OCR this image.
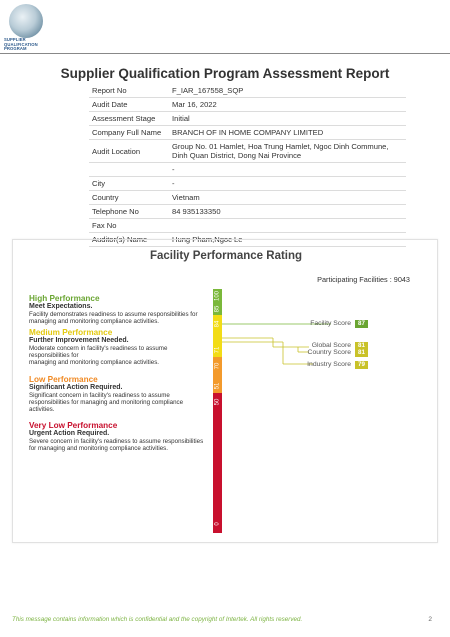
SUPPLIER
QUALIFICATION
PROGRAM
Supplier Qualification Program Assessment Report
Report No	F_IAR_167558_SQP
Audit Date	Mar 16, 2022
Assessment Stage	Initial
Company Full Name	BRANCH OF IN HOME COMPANY LIMITED
Audit Location	Group No. 01 Hamlet, Hoa Trung Hamlet, Ngoc Dinh Commune, Dinh Quan District, Dong Nai Province
	-
City	-
Country	Vietnam
Telephone No	84 935133350
Fax No	
Auditor(s) Name	Hung Pham,Ngoc Le
Facility Performance Rating
Participating Facilities : 9043
High Performance
Meet Expectations.
Facility demonstrates readiness to assume responsibilities for managing and monitoring compliance activities.
Medium Performance
Further Improvement Needed.
Moderate concern in facility's readiness to assume responsibilities for
managing and monitoring compliance activities.
Low Performance
Significant Action Required.
Significant concern in facility's readiness to assume responsibilities for managing and monitoring compliance activities.
Very Low Performance
Urgent Action Required.
Severe concern in facility's readiness to assume responsibilities for managing and monitoring compliance activities.
100
85
84
71
70
51
50
0
Facility Score	87
Global Score	81
Country Score	81
Industry Score	79
This message contains information which is confidential and the copyright of Intertek. All rights reserved.	2
